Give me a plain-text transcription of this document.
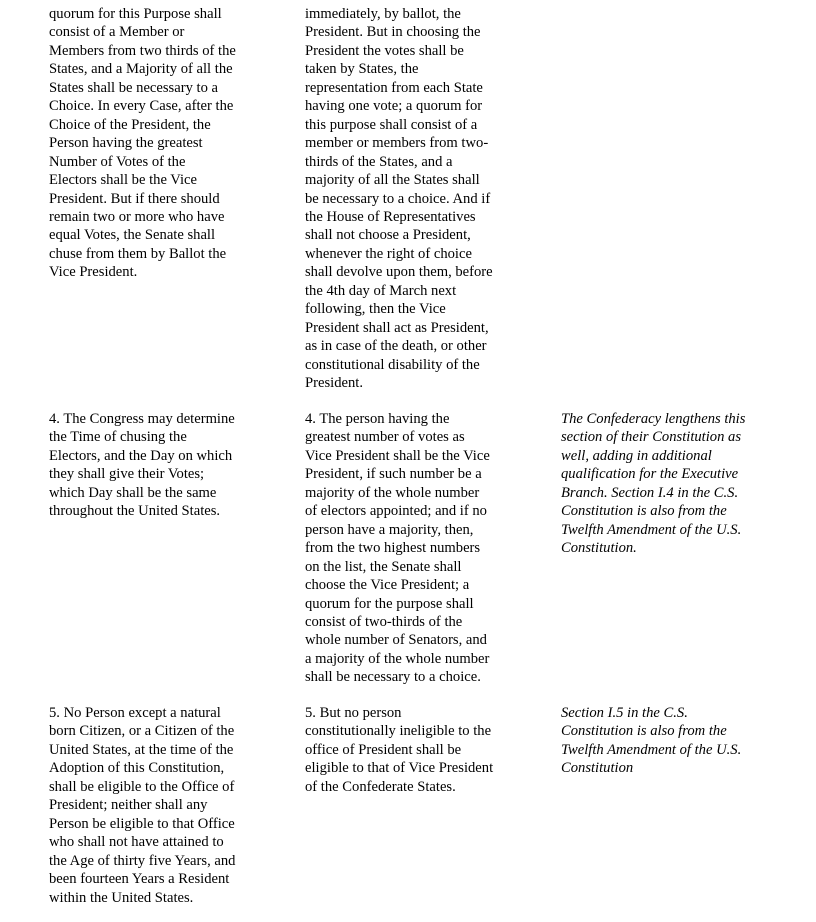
quorum for this Purpose shall
consist of a Member or
Members from two thirds of the
States, and a Majority of all the
States shall be necessary to a
Choice. In every Case, after the
Choice of the President, the
Person having the greatest
Number of Votes of the
Electors shall be the Vice
President. But if there should
remain two or more who have
equal Votes, the Senate shall
chuse from them by Ballot the
Vice President.

immediately, by ballot, the
President. But in choosing the
President the votes shall be
taken by States, the
representation from each State
having one vote; a quorum for
this purpose shall consist of a
member or members from two-
thirds of the States, and a
majority of all the States shall
be necessary to a choice. And if
the House of Representatives
shall not choose a President,
whenever the right of choice
shall devolve upon them, before
the 4th day of March next
following, then the Vice
President shall act as President,
as in case of the death, or other
constitutional disability of the
President.

4. The Congress may determine
the Time of chusing the
Electors, and the Day on which
they shall give their Votes;
which Day shall be the same
throughout the United States.

4. The person having the
greatest number of votes as
Vice President shall be the Vice
President, if such number be a
majority of the whole number
of electors appointed; and if no
person have a majority, then,
from the two highest numbers
on the list, the Senate shall
choose the Vice President; a
quorum for the purpose shall
consist of two-thirds of the
whole number of Senators, and
a majority of the whole number
shall be necessary to a choice.

The Confederacy lengthens this
section of their Constitution as
well, adding in additional
qualification for the Executive
Branch. Section I.4 in the C.S.
Constitution is also from the
Twelfth Amendment of the U.S.
Constitution.

5. No Person except a natural
born Citizen, or a Citizen of the
United States, at the time of the
Adoption of this Constitution,
shall be eligible to the Office of
President; neither shall any
Person be eligible to that Office
who shall not have attained to
the Age of thirty five Years, and
been fourteen Years a Resident
within the United States.

5. But no person
constitutionally ineligible to the
office of President shall be
eligible to that of Vice President
of the Confederate States.

Section I.5 in the C.S.
Constitution is also from the
Twelfth Amendment of the U.S.
Constitution
